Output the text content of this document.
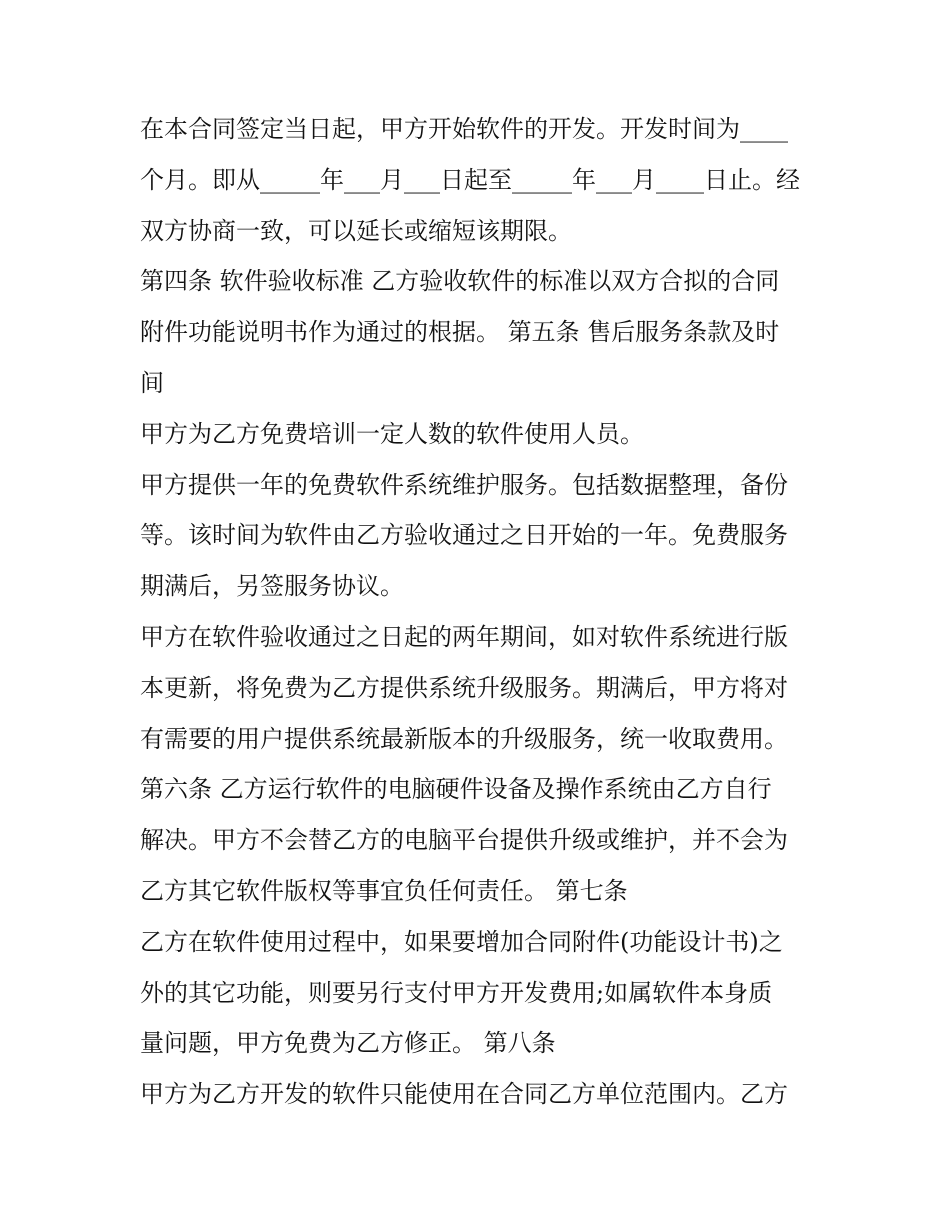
在本合同签定当日起，甲方开始软件的开发。开发时间为____
个月。即从_____年___月___日起至_____年___月____日止。经
双方协商一致，可以延长或缩短该期限。
第四条 软件验收标准 乙方验收软件的标准以双方合拟的合同
附件功能说明书作为通过的根据。 第五条 售后服务条款及时
间
甲方为乙方免费培训一定人数的软件使用人员。
甲方提供一年的免费软件系统维护服务。包括数据整理，备份
等。该时间为软件由乙方验收通过之日开始的一年。免费服务
期满后，另签服务协议。
甲方在软件验收通过之日起的两年期间，如对软件系统进行版
本更新，将免费为乙方提供系统升级服务。期满后，甲方将对
有需要的用户提供系统最新版本的升级服务，统一收取费用。
第六条 乙方运行软件的电脑硬件设备及操作系统由乙方自行
解决。甲方不会替乙方的电脑平台提供升级或维护，并不会为
乙方其它软件版权等事宜负任何责任。 第七条
乙方在软件使用过程中，如果要增加合同附件(功能设计书)之
外的其它功能，则要另行支付甲方开发费用;如属软件本身质
量问题，甲方免费为乙方修正。 第八条
甲方为乙方开发的软件只能使用在合同乙方单位范围内。乙方
